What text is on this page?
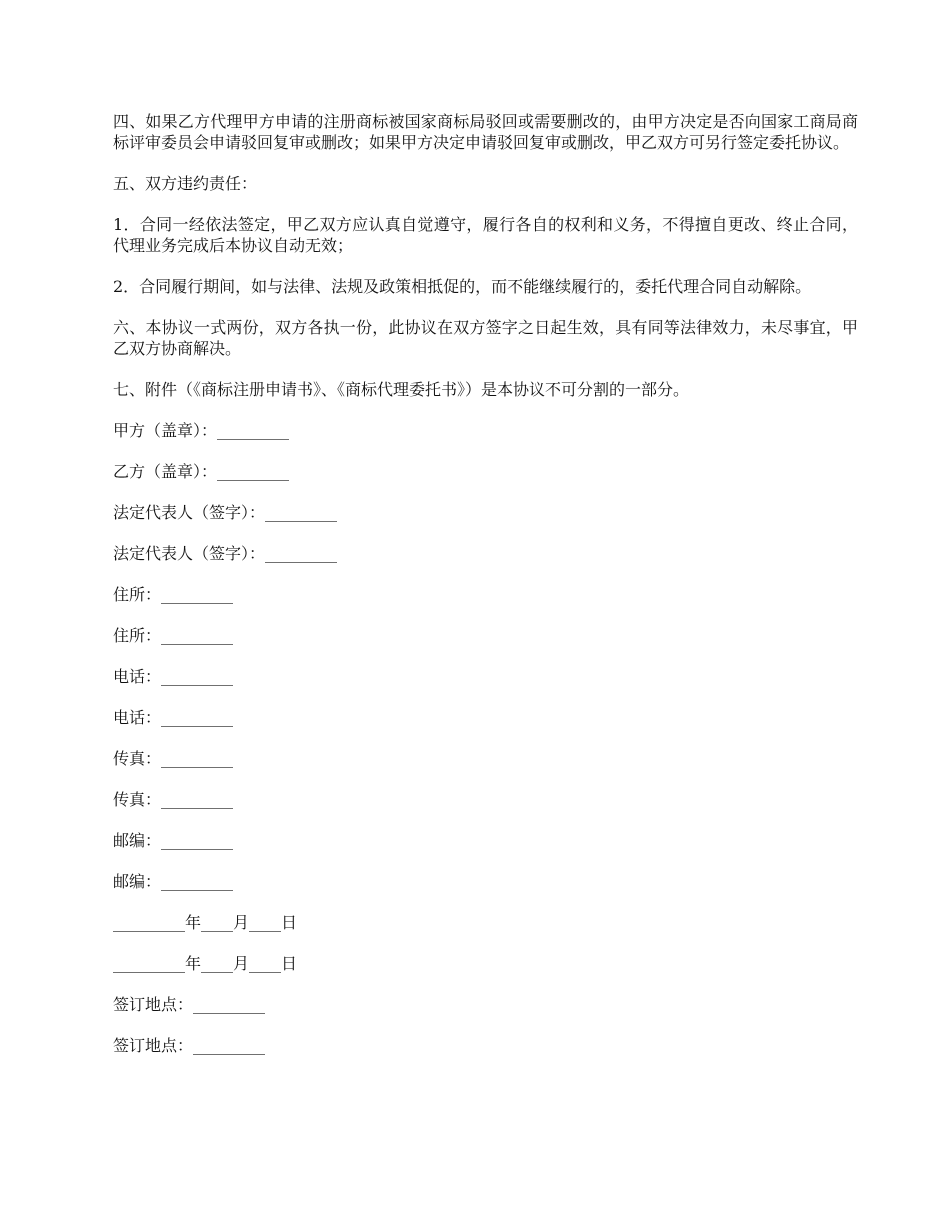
四、如果乙方代理甲方申请的注册商标被国家商标局驳回或需要删改的，由甲方决定是否向国家工商局商标评审委员会申请驳回复审或删改；如果甲方决定申请驳回复审或删改，甲乙双方可另行签定委托协议。

五、双方违约责任：

1．合同一经依法签定，甲乙双方应认真自觉遵守，履行各自的权利和义务，不得擅自更改、终止合同，代理业务完成后本协议自动无效；

2．合同履行期间，如与法律、法规及政策相抵促的，而不能继续履行的，委托代理合同自动解除。

六、本协议一式两份，双方各执一份，此协议在双方签字之日起生效，具有同等法律效力，未尽事宜，甲乙双方协商解决。

七、附件（《商标注册申请书》、《商标代理委托书》）是本协议不可分割的一部分。

甲方（盖章）：_________
乙方（盖章）：_________
法定代表人（签字）：_________
法定代表人（签字）：_________
住所：_________
住所：_________
电话：_________
电话：_________
传真：_________
传真：_________
邮编：_________
邮编：_________
_________年____月____日
_________年____月____日
签订地点：_________
签订地点：_________
